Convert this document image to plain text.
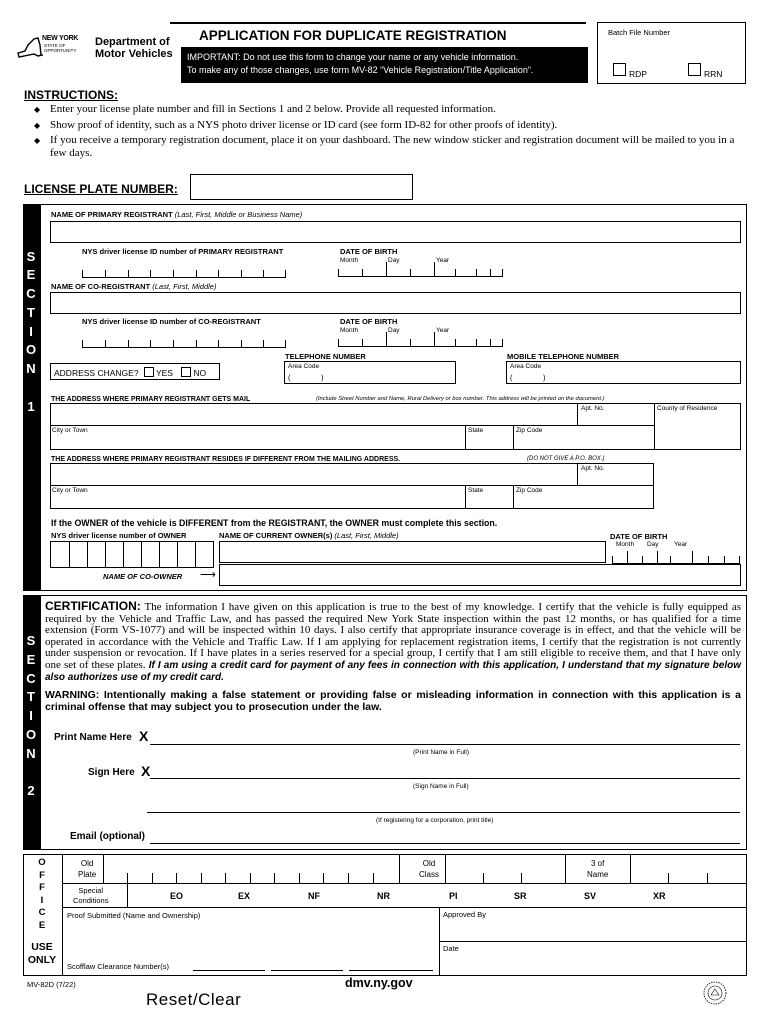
NEW YORK
STATE OF
OPPORTUNITY.
Department of
Motor Vehicles
APPLICATION FOR DUPLICATE REGISTRATION
IMPORTANT: Do not use this form to change your name or any vehicle information.
To make any of those changes, use form MV-82 “Vehicle Registration/Title Application”.
Batch File Number
RDP	RRN
INSTRUCTIONS:
◆ Enter your license plate number and fill in Sections 1 and 2 below. Provide all requested information.
◆ Show proof of identity, such as a NYS photo driver license or ID card (see form ID-82 for other proofs of identity).
◆ If you receive a temporary registration document, place it on your dashboard. The new window sticker and registration document will be mailed to you in a few days.
LICENSE PLATE NUMBER:
S
E
C
T
I
O
N
1
NAME OF PRIMARY REGISTRANT (Last, First, Middle or Business Name)
NYS driver license ID number of PRIMARY REGISTRANT	DATE OF BIRTH
Month	Day	Year
NAME OF CO-REGISTRANT (Last, First, Middle)
NYS driver license ID number of CO-REGISTRANT	DATE OF BIRTH
Month	Day	Year
TELEPHONE NUMBER
Area Code
(	)
MOBILE TELEPHONE NUMBER
Area Code
(	)
ADDRESS CHANGE? YES NO
THE ADDRESS WHERE PRIMARY REGISTRANT GETS MAIL	(Include Street Number and Name, Rural Delivery or box number. This address will be printed on the document.)
Apt. No.	County of Residence
City or Town	State	Zip Code
THE ADDRESS WHERE PRIMARY REGISTRANT RESIDES IF DIFFERENT FROM THE MAILING ADDRESS.	(DO NOT GIVE A P.O. BOX.)
Apt. No.
City or Town	State	Zip Code
If the OWNER of the vehicle is DIFFERENT from the REGISTRANT, the OWNER must complete this section.
NYS driver license number of OWNER	NAME OF CURRENT OWNER(s) (Last, First, Middle)
NAME OF CO-OWNER ⟶
DATE OF BIRTH
Month Day Year
S
E
C
T
I
O
N
2
CERTIFICATION: The information I have given on this application is true to the best of my knowledge. I certify that the vehicle is fully equipped as required by the Vehicle and Traffic Law, and has passed the required New York State inspection within the past 12 months, or has qualified for a time extension (Form VS-1077) and will be inspected within 10 days. I also certify that appropriate insurance coverage is in effect, and that the vehicle will be operated in accordance with the Vehicle and Traffic Law. If I am applying for replacement registration items, I certify that the registration is not currently under suspension or revocation. If I have plates in a series reserved for a special group, I certify that I am still eligible to receive them, and that I have only one set of these plates. If I am using a credit card for payment of any fees in connection with this application, I understand that my signature below also authorizes use of my credit card.
WARNING: Intentionally making a false statement or providing false or misleading information in connection with this application is a criminal offense that may subject you to prosecution under the law.
Print Name Here X
(Print Name in Full)
Sign Here X
(Sign Name in Full)
(If registering for a corporation, print title)
Email (optional)
O
F
F
I
C
E
USE
ONLY
Old
Plate
Old
Class
3 of
Name
Special
Conditions	EO	EX	NF	NR	PI	SR	SV	XR
Proof Submitted (Name and Ownership)	Approved By
Date
Scofflaw Clearance Number(s)
MV-82D (7/22)	dmv.ny.gov
Reset/Clear
